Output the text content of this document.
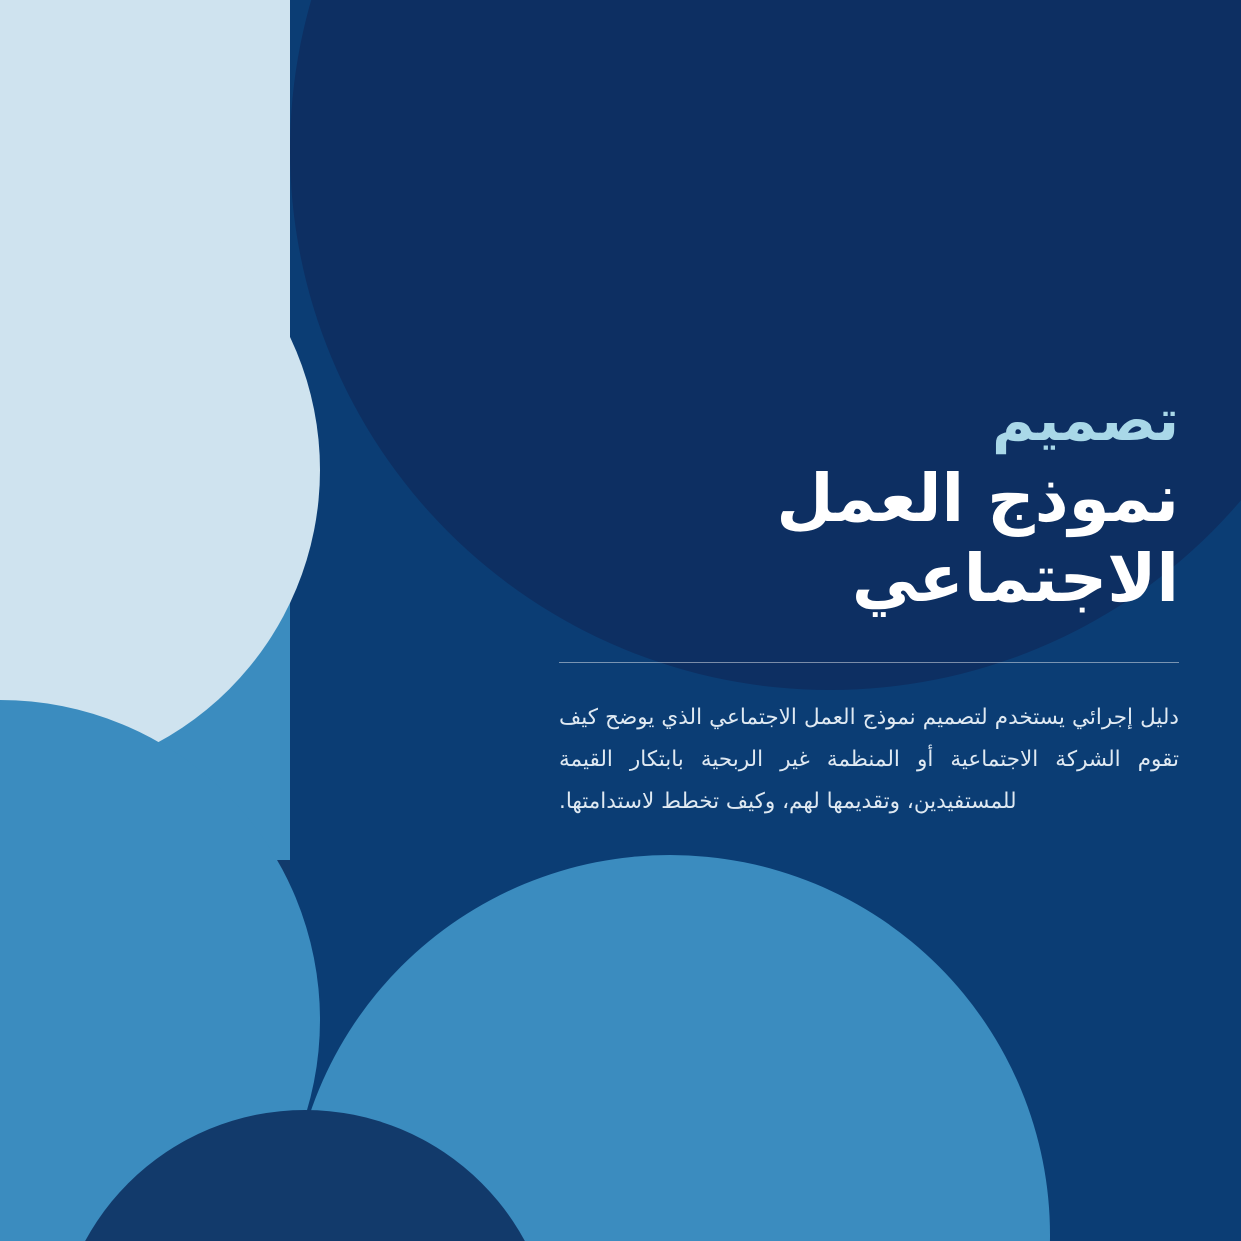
تصميم
نموذج العمل
الاجتماعي

دليل إجرائي يستخدم لتصميم نموذج العمل الاجتماعي الذي يوضح كيف تقوم الشركة الاجتماعية أو المنظمة غير الربحية بابتكار القيمة للمستفيدين، وتقديمها لهم، وكيف تخطط لاستدامتها.
